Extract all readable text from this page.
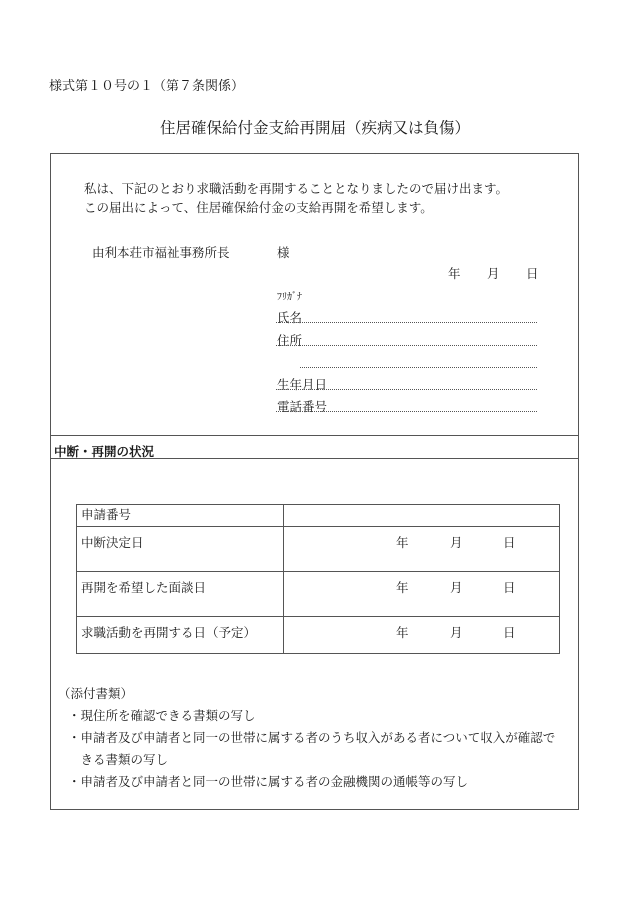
様式第１０号の１（第７条関係）
住居確保給付金支給再開届（疾病又は負傷）
私は、下記のとおり求職活動を再開することとなりましたので届け出ます。
この届出によって、住居確保給付金の支給再開を希望します。
由利本荘市福祉事務所長	様
年 月 日
ﾌﾘｶﾞﾅ
氏名
住所
生年月日
電話番号
中断・再開の状況
申請番号	
中断決定日	年 月 日

再開を希望した面談日	年 月 日

求職活動を再開する日（予定）	年 月 日
（添付書類）
・現住所を確認できる書類の写し
・申請者及び申請者と同一の世帯に属する者のうち収入がある者について収入が確認で
　きる書類の写し
・申請者及び申請者と同一の世帯に属する者の金融機関の通帳等の写し
